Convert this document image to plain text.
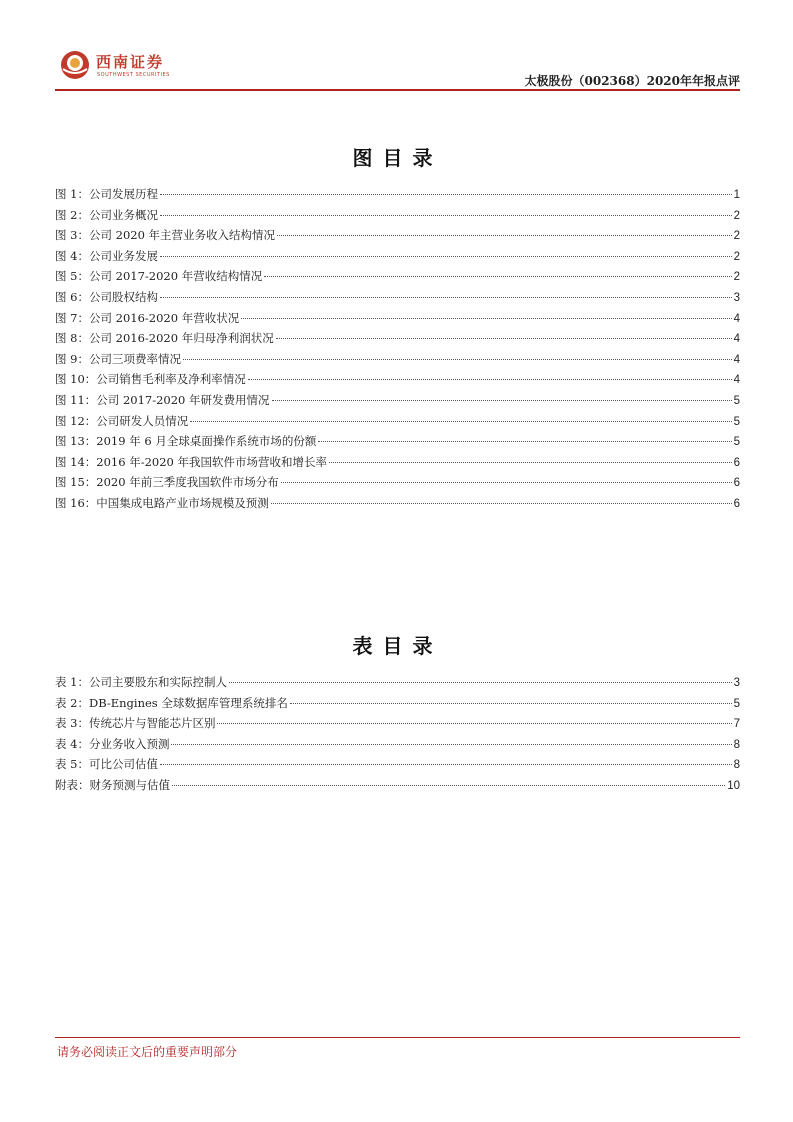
西南证券
SOUTHWEST SECURITIES	太极股份（002368）2020年年报点评
图目录
图 1：公司发展历程	1
图 2：公司业务概况	2
图 3：公司 2020 年主营业务收入结构情况	2
图 4：公司业务发展	2
图 5：公司 2017-2020 年营收结构情况	2
图 6：公司股权结构	3
图 7：公司 2016-2020 年营收状况	4
图 8：公司 2016-2020 年归母净利润状况	4
图 9：公司三项费率情况	4
图 10：公司销售毛利率及净利率情况	4
图 11：公司 2017-2020 年研发费用情况	5
图 12：公司研发人员情况	5
图 13：2019 年 6 月全球桌面操作系统市场的份额	5
图 14：2016 年-2020 年我国软件市场营收和增长率	6
图 15：2020 年前三季度我国软件市场分布	6
图 16：中国集成电路产业市场规模及预测	6
表目录
表 1：公司主要股东和实际控制人	3
表 2：DB-Engines 全球数据库管理系统排名	5
表 3：传统芯片与智能芯片区别	7
表 4：分业务收入预测	8
表 5：可比公司估值	8
附表：财务预测与估值	10
请务必阅读正文后的重要声明部分
